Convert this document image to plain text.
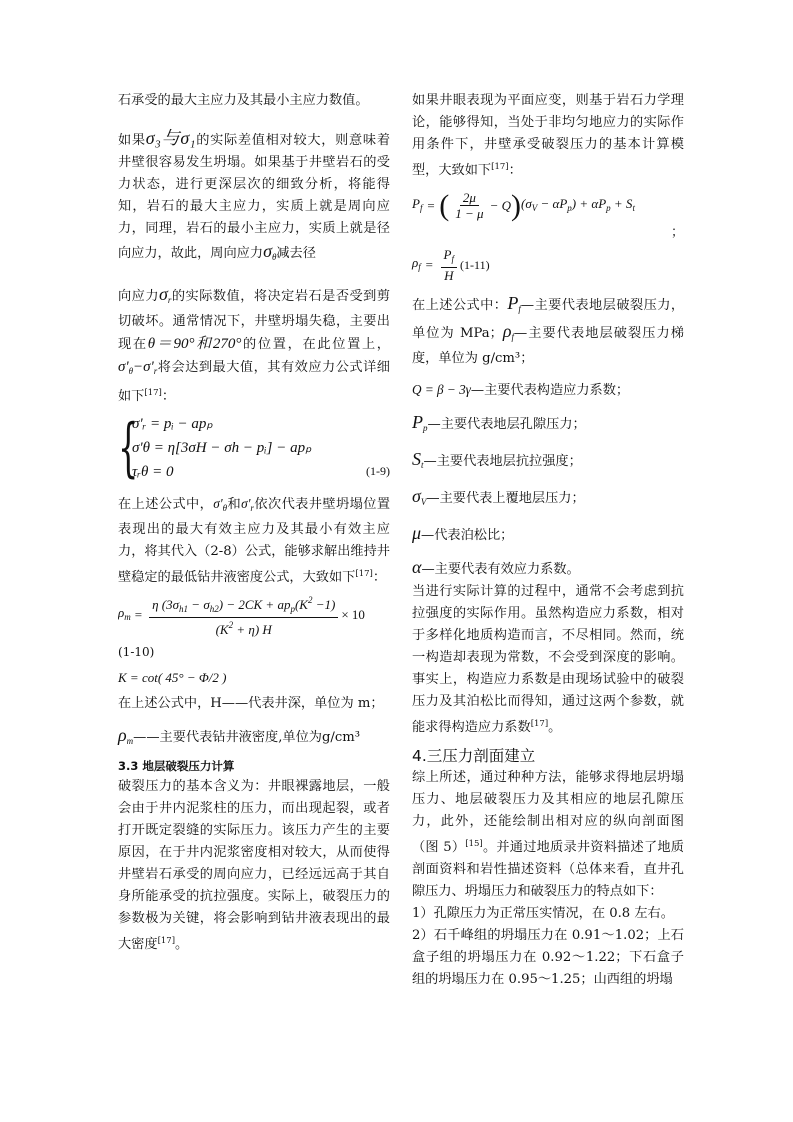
石承受的最大主应力及其最小主应力数值。

如果σ₃与σ₁的实际差值相对较大，则意味着井壁很容易发生坍塌。如果基于井壁岩石的受力状态，进行更深层次的细致分析，将能得知，岩石的最大主应力，实质上就是周向应力，同理，岩石的最小主应力，实质上就是径向应力，故此，周向应力$\sigma_\theta$减去径

向应力$\sigma_r$的实际数值，将决定岩石是否受到剪切破坏。通常情况下，井壁坍塌失稳，主要出现在θ＝90°和270°的位置，在此位置上，$\sigma'_\theta-\sigma'_r$将会达到最大值，其有效应力公式详细如下[17]：

{
σ'ᵣ = pᵢ − apₚ
σ'θ = η[3σH − σh − pᵢ] − apₚ
τᵣθ = 0	(1-9)

在上述公式中，$\sigma'_\theta$和$\sigma'_r$依次代表井壁坍塌位置表现出的最大有效主应力及其最小有效主应力，将其代入（2-8）公式，能够求解出维持井壁稳定的最低钻井液密度公式，大致如下[17]：

$\rho_m = \frac{\eta (3\sigma_{h1} - \sigma_{h2}) - 2CK + ap_p(K^2 -1)}{(K^2 + \eta) H} \times 10$
(1-10)
K = cot( 45° − Φ/2 )

在上述公式中，H——代表井深，单位为 m；

$\rho_m——$主要代表钻井液密度,单位为g/cm³

3.3 地层破裂压力计算

破裂压力的基本含义为：井眼裸露地层，一般会由于井内泥浆柱的压力，而出现起裂，或者打开既定裂缝的实际压力。该压力产生的主要原因，在于井内泥浆密度相对较大，从而使得井壁岩石承受的周向应力，已经远远高于其自身所能承受的抗拉强度。实际上，破裂压力的参数极为关键，将会影响到钻井液表现出的最大密度[17]。

如果井眼表现为平面应变，则基于岩石力学理论，能够得知，当处于非均匀地应力的实际作用条件下，井壁承受破裂压力的基本计算模型，大致如下[17]：

$P_f$ = ( $\frac{2\mu}{1 - \mu} - Q$ ) $(\sigma_V - \alpha P_p) + \alpha P_p + S_t$
；
$\rho_f = \frac{P_f}{H} (1-11)$

在上述公式中：$P_f—$主要代表地层破裂压力，单位为 MPa；$\rho_f—$主要代表地层破裂压力梯度，单位为 g/cm³；

Q = β − 3γ—主要代表构造应力系数；

$P_p—$主要代表地层孔隙压力；

$S_t—$主要代表地层抗拉强度；

$\sigma_V—$主要代表上覆地层压力；

μ—代表泊松比；

α—主要代表有效应力系数。

当进行实际计算的过程中，通常不会考虑到抗拉强度的实际作用。虽然构造应力系数，相对于多样化地质构造而言，不尽相同。然而，统一构造却表现为常数，不会受到深度的影响。事实上，构造应力系数是由现场试验中的破裂压力及其泊松比而得知，通过这两个参数，就能求得构造应力系数[17]。

4.三压力剖面建立

综上所述，通过种种方法，能够求得地层坍塌压力、地层破裂压力及其相应的地层孔隙压力，此外，还能绘制出相对应的纵向剖面图（图 5）[15]。并通过地质录井资料描述了地质剖面资料和岩性描述资料（总体来看，直井孔隙压力、坍塌压力和破裂压力的特点如下：

1）孔隙压力为正常压实情况，在 0.8 左右。

2）石千峰组的坍塌压力在 0.91～1.02；上石盒子组的坍塌压力在 0.92～1.22；下石盒子组的坍塌压力在 0.95～1.25；山西组的坍塌
